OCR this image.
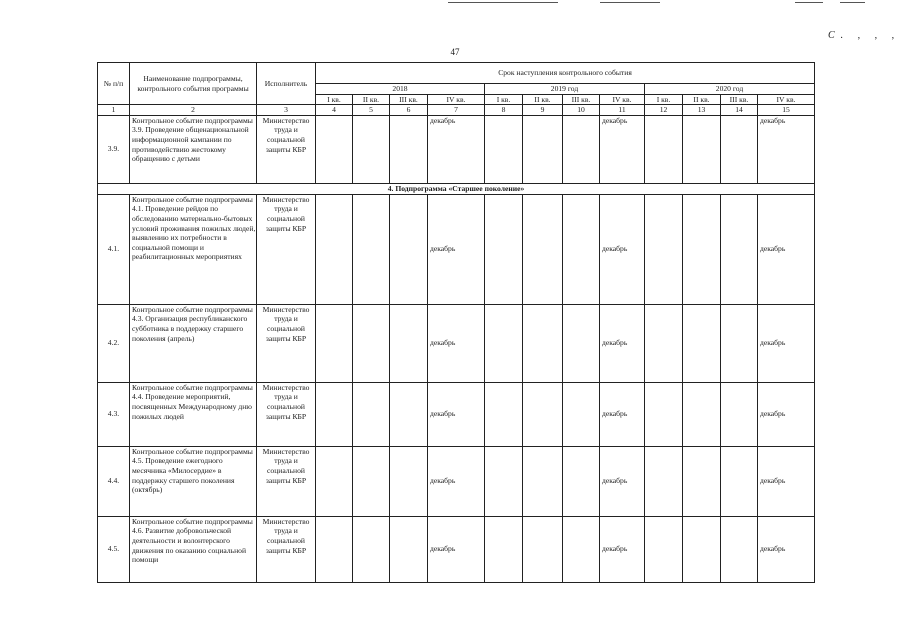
С. , , ,
47
№ п/п	Наименование подпрограммы, контрольного события программы	Исполнитель	Срок наступления контрольного события											
			2018				2019 год				2020 год			
			I кв.	II кв.	III кв.	IV кв.	I кв.	II кв.	III кв.	IV кв.	I кв.	II кв.	III кв.	IV кв.
1	2	3	4	5	6	7	8	9	10	11	12	13	14	15
3.9.	Контрольное событие подпрограммы 3.9. Проведение общенациональной информационной кампании по противодействию жестокому обращению с детьми	Министерство труда и социальной защиты КБР				декабрь				декабрь				декабрь
4. Подпрограмма «Старшее поколение»														
4.1.	Контрольное событие подпрограммы 4.1. Проведение рейдов по обследованию материально-бытовых условий проживания пожилых людей, выявлению их потребности в социальной помощи и реабилитационных мероприятиях	Министерство труда и социальной защиты КБР				декабрь				декабрь				декабрь
4.2.	Контрольное событие подпрограммы 4.3. Организация республиканского субботника в поддержку старшего поколения (апрель)	Министерство труда и социальной защиты КБР				декабрь				декабрь				декабрь
4.3.	Контрольное событие подпрограммы 4.4. Проведение мероприятий, посвященных Международному дню пожилых людей	Министерство труда и социальной защиты КБР				декабрь				декабрь				декабрь
4.4.	Контрольное событие подпрограммы 4.5. Проведение ежегодного месячника «Милосердие» в поддержку старшего поколения (октябрь)	Министерство труда и социальной защиты КБР				декабрь				декабрь				декабрь
4.5.	Контрольное событие подпрограммы 4.6. Развитие добровольческой деятельности и волонтерского движения по оказанию социальной помощи	Министерство труда и социальной защиты КБР				декабрь				декабрь				декабрь
